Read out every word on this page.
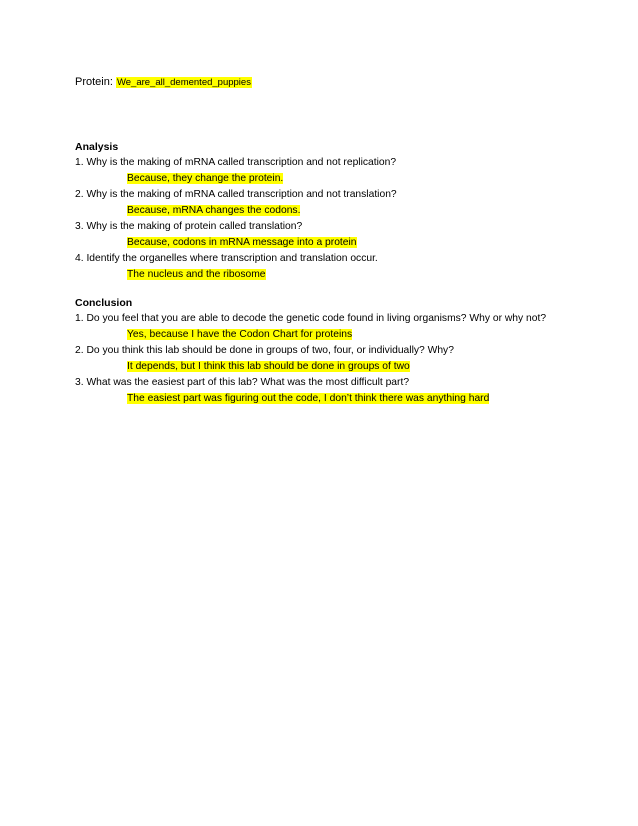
Protein: We_are_all_demented_puppies

Analysis

1. Why is the making of mRNA called transcription and not replication?

Because, they change the protein.

2. Why is the making of mRNA called transcription and not translation?

Because, mRNA changes the codons.

3. Why is the making of protein called translation?

Because, codons in mRNA message into a protein

4. Identify the organelles where transcription and translation occur.

The nucleus and the ribosome

Conclusion

1. Do you feel that you are able to decode the genetic code found in living organisms? Why or why not?

Yes, because I have the Codon Chart for proteins

2. Do you think this lab should be done in groups of two, four, or individually? Why?

It depends, but I think this lab should be done in groups of two

3. What was the easiest part of this lab? What was the most difficult part?

The easiest part was figuring out the code, I don’t think there was anything hard
